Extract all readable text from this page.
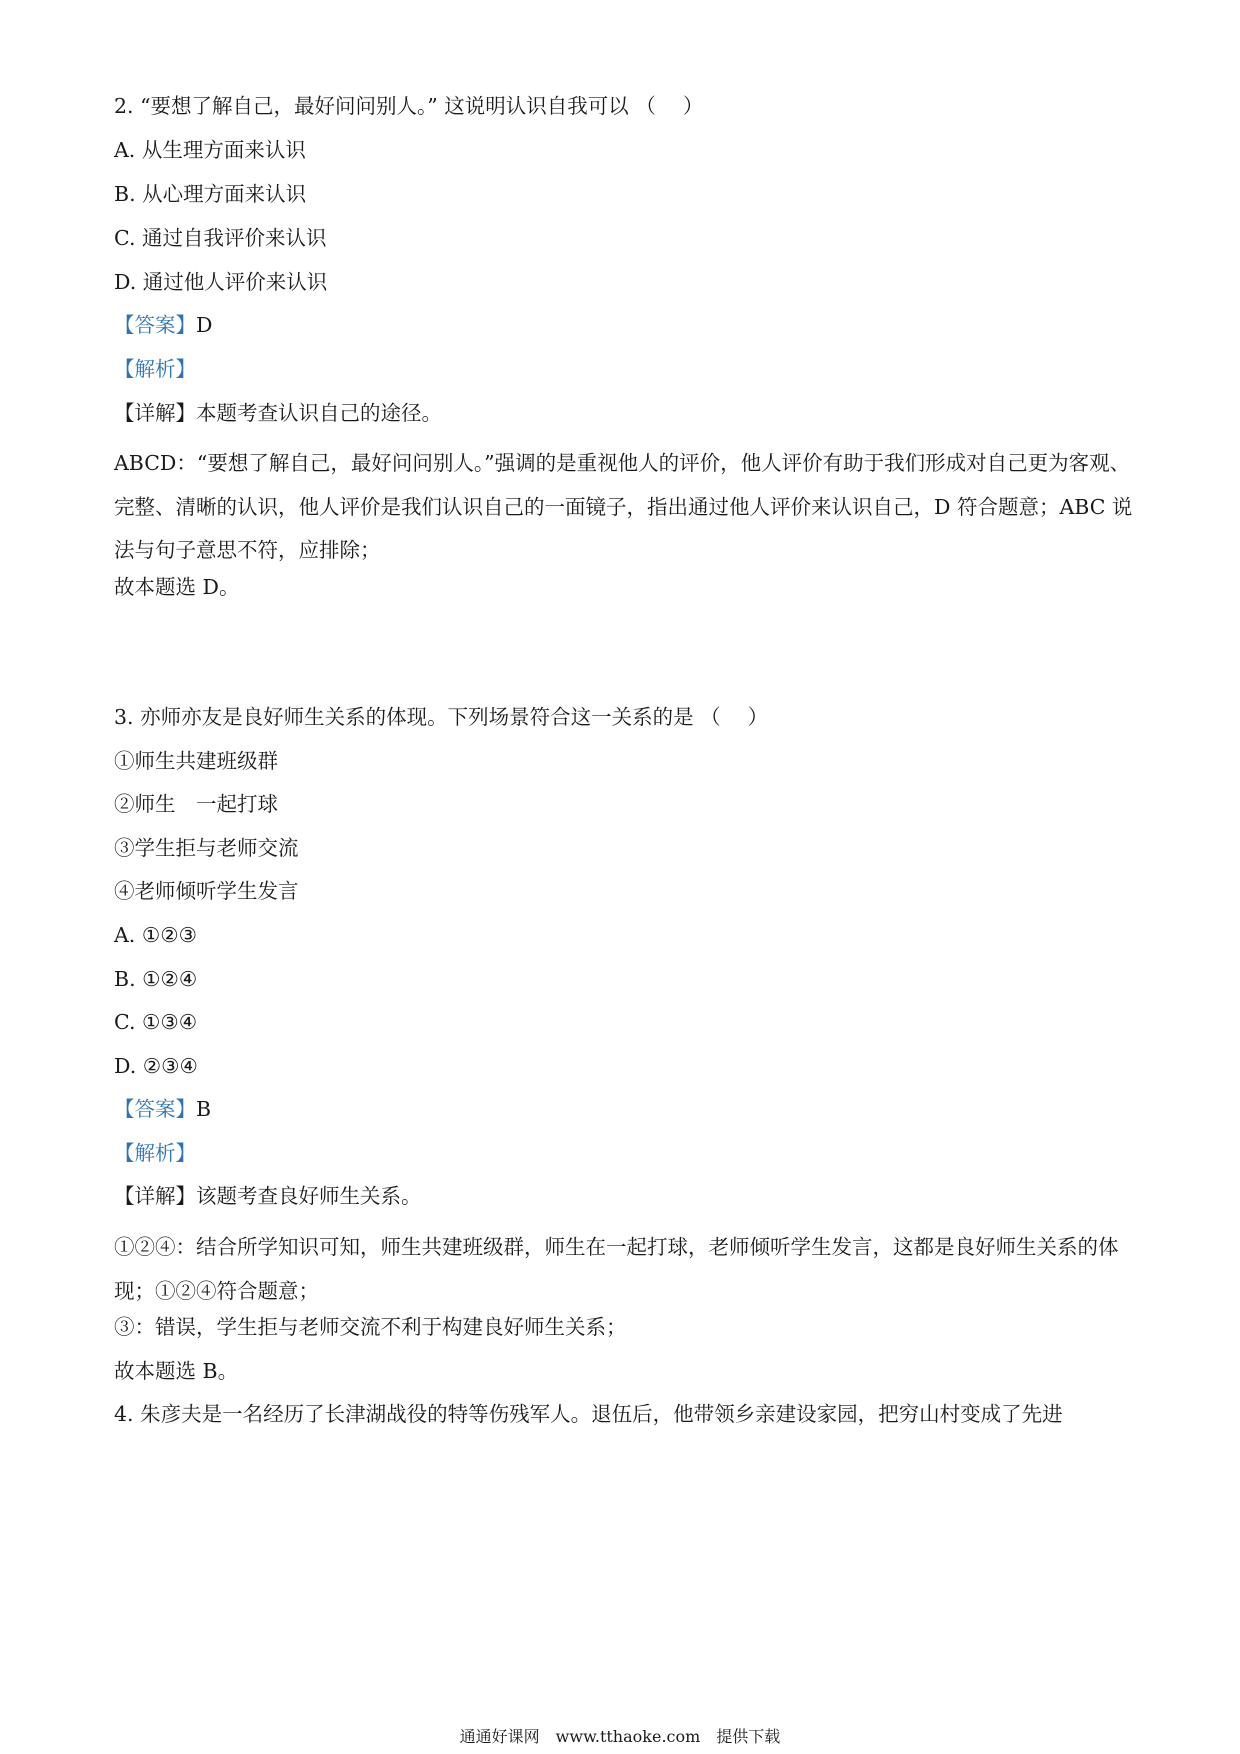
2. “要想了解自己，最好问问别人。” 这说明认识自我可以 （　 ）
A. 从生理方面来认识
B. 从心理方面来认识
C. 通过自我评价来认识
D. 通过他人评价来认识
【答案】D
【解析】
【详解】本题考查认识自己的途径。
ABCD：“要想了解自己，最好问问别人。”强调的是重视他人的评价，他人评价有助于我们形成对自己更为客观、完整、清晰的认识，他人评价是我们认识自己的一面镜子，指出通过他人评价来认识自己，D 符合题意；ABC 说法与句子意思不符，应排除；
故本题选 D。
3. 亦师亦友是良好师生关系的体现。下列场景符合这一关系的是 （　 ）
①师生共建班级群
②师生　一起打球
③学生拒与老师交流
④老师倾听学生发言
A. ①②③
B. ①②④
C. ①③④
D. ②③④
【答案】B
【解析】
【详解】该题考查良好师生关系。
①②④：结合所学知识可知，师生共建班级群，师生在一起打球，老师倾听学生发言，这都是良好师生关系的体现；①②④符合题意；
③：错误，学生拒与老师交流不利于构建良好师生关系；
故本题选 B。
4. 朱彦夫是一名经历了长津湖战役的特等伤残军人。退伍后，他带领乡亲建设家园，把穷山村变成了先进
通通好课网　www.tthaoke.com　提供下载
